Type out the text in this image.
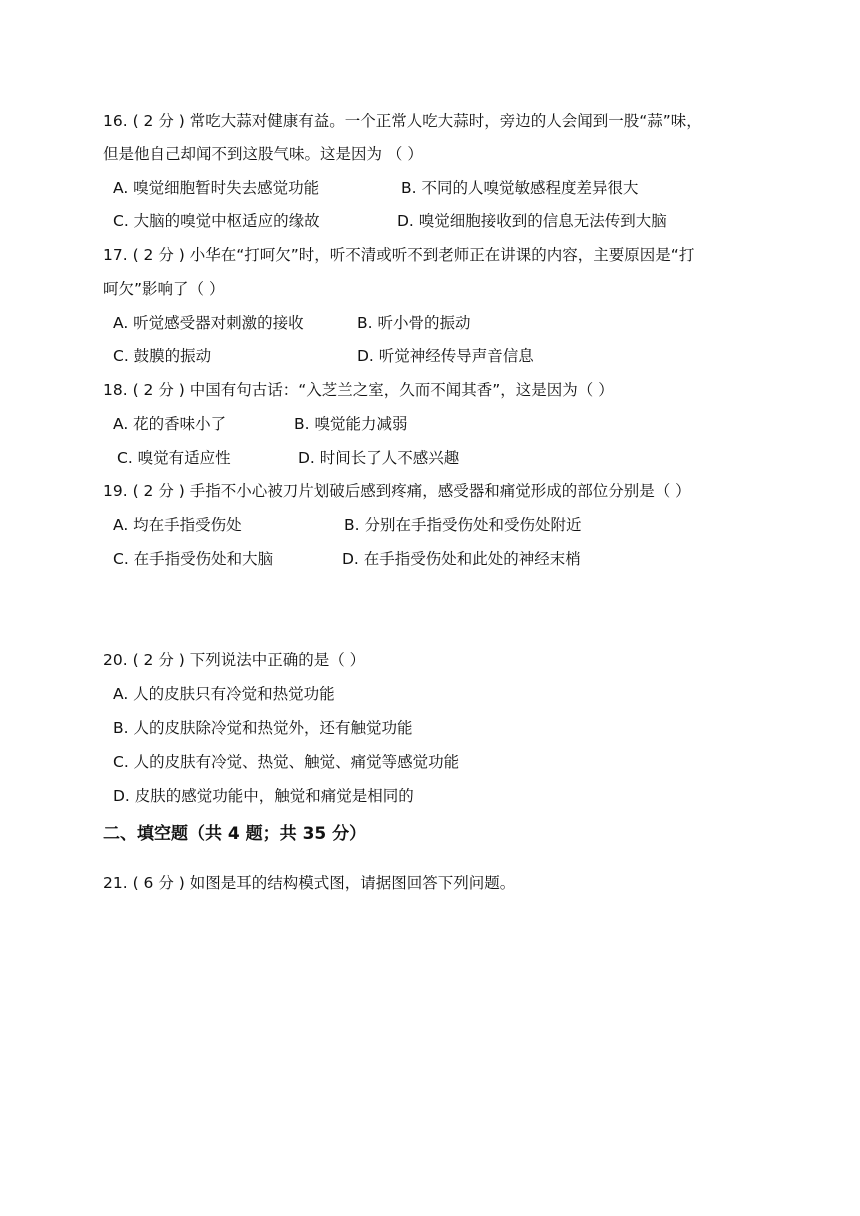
16. ( 2 分 ) 常吃大蒜对健康有益。一个正常人吃大蒜时，旁边的人会闻到一股“蒜”味，
但是他自己却闻不到这股气味。这是因为 （ ）
A. 嗅觉细胞暂时失去感觉功能	B. 不同的人嗅觉敏感程度差异很大
C. 大脑的嗅觉中枢适应的缘故	D. 嗅觉细胞接收到的信息无法传到大脑
17. ( 2 分 ) 小华在“打呵欠”时，听不清或听不到老师正在讲课的内容，主要原因是“打
呵欠”影响了（ ）
A. 听觉感受器对刺激的接收	B. 听小骨的振动
C. 鼓膜的振动	D. 听觉神经传导声音信息
18. ( 2 分 ) 中国有句古话：“入芝兰之室，久而不闻其香”，这是因为（ ）
A. 花的香味小了	B. 嗅觉能力减弱
C. 嗅觉有适应性	D. 时间长了人不感兴趣
19. ( 2 分 ) 手指不小心被刀片划破后感到疼痛，感受器和痛觉形成的部位分别是（ ）
A. 均在手指受伤处	B. 分别在手指受伤处和受伤处附近
C. 在手指受伤处和大脑	D. 在手指受伤处和此处的神经末梢
20. ( 2 分 ) 下列说法中正确的是（ ）
A. 人的皮肤只有冷觉和热觉功能
B. 人的皮肤除冷觉和热觉外，还有触觉功能
C. 人的皮肤有冷觉、热觉、触觉、痛觉等感觉功能
D. 皮肤的感觉功能中，触觉和痛觉是相同的
二、填空题（共 4 题；共 35 分）
21. ( 6 分 ) 如图是耳的结构模式图，请据图回答下列问题。
